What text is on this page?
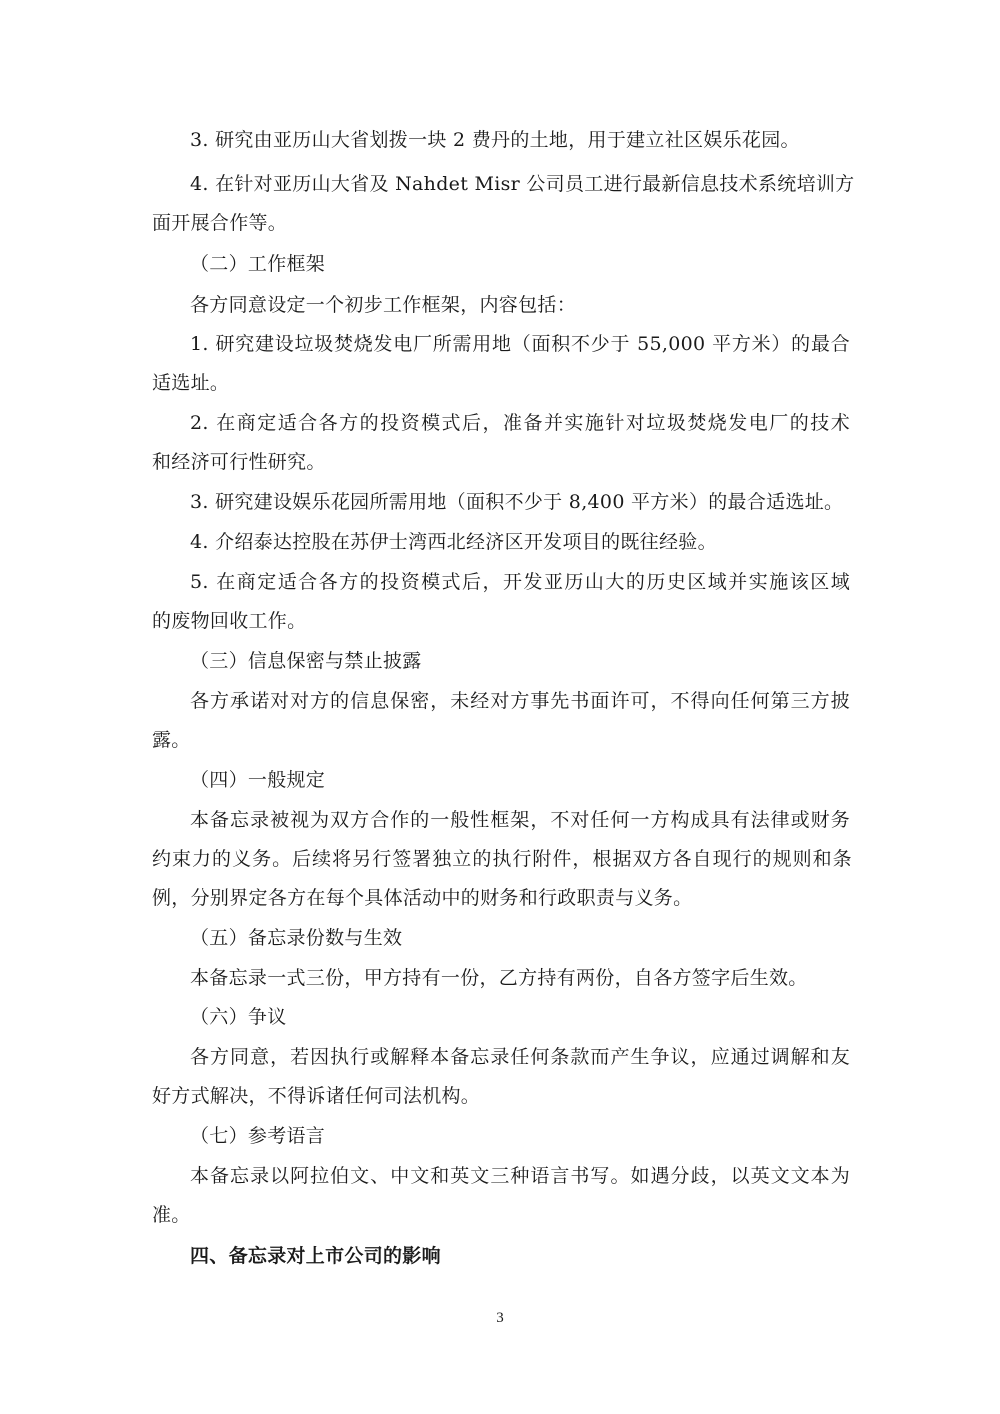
3. 研究由亚历山大省划拨一块 2 费丹的土地，用于建立社区娱乐花园。
4. 在针对亚历山大省及 Nahdet Misr 公司员工进行最新信息技术系统培训方
面开展合作等。
（二）工作框架
各方同意设定一个初步工作框架，内容包括：
1. 研究建设垃圾焚烧发电厂所需用地（面积不少于 55,000 平方米）的最合
适选址。
2. 在商定适合各方的投资模式后，准备并实施针对垃圾焚烧发电厂的技术
和经济可行性研究。
3. 研究建设娱乐花园所需用地（面积不少于 8,400 平方米）的最合适选址。
4. 介绍泰达控股在苏伊士湾西北经济区开发项目的既往经验。
5. 在商定适合各方的投资模式后，开发亚历山大的历史区域并实施该区域
的废物回收工作。
（三）信息保密与禁止披露
各方承诺对对方的信息保密，未经对方事先书面许可，不得向任何第三方披
露。
（四）一般规定
本备忘录被视为双方合作的一般性框架，不对任何一方构成具有法律或财务
约束力的义务。后续将另行签署独立的执行附件，根据双方各自现行的规则和条
例，分别界定各方在每个具体活动中的财务和行政职责与义务。
（五）备忘录份数与生效
本备忘录一式三份，甲方持有一份，乙方持有两份，自各方签字后生效。
（六）争议
各方同意，若因执行或解释本备忘录任何条款而产生争议，应通过调解和友
好方式解决，不得诉诸任何司法机构。
（七）参考语言
本备忘录以阿拉伯文、中文和英文三种语言书写。如遇分歧，以英文文本为
准。
四、备忘录对上市公司的影响
3
